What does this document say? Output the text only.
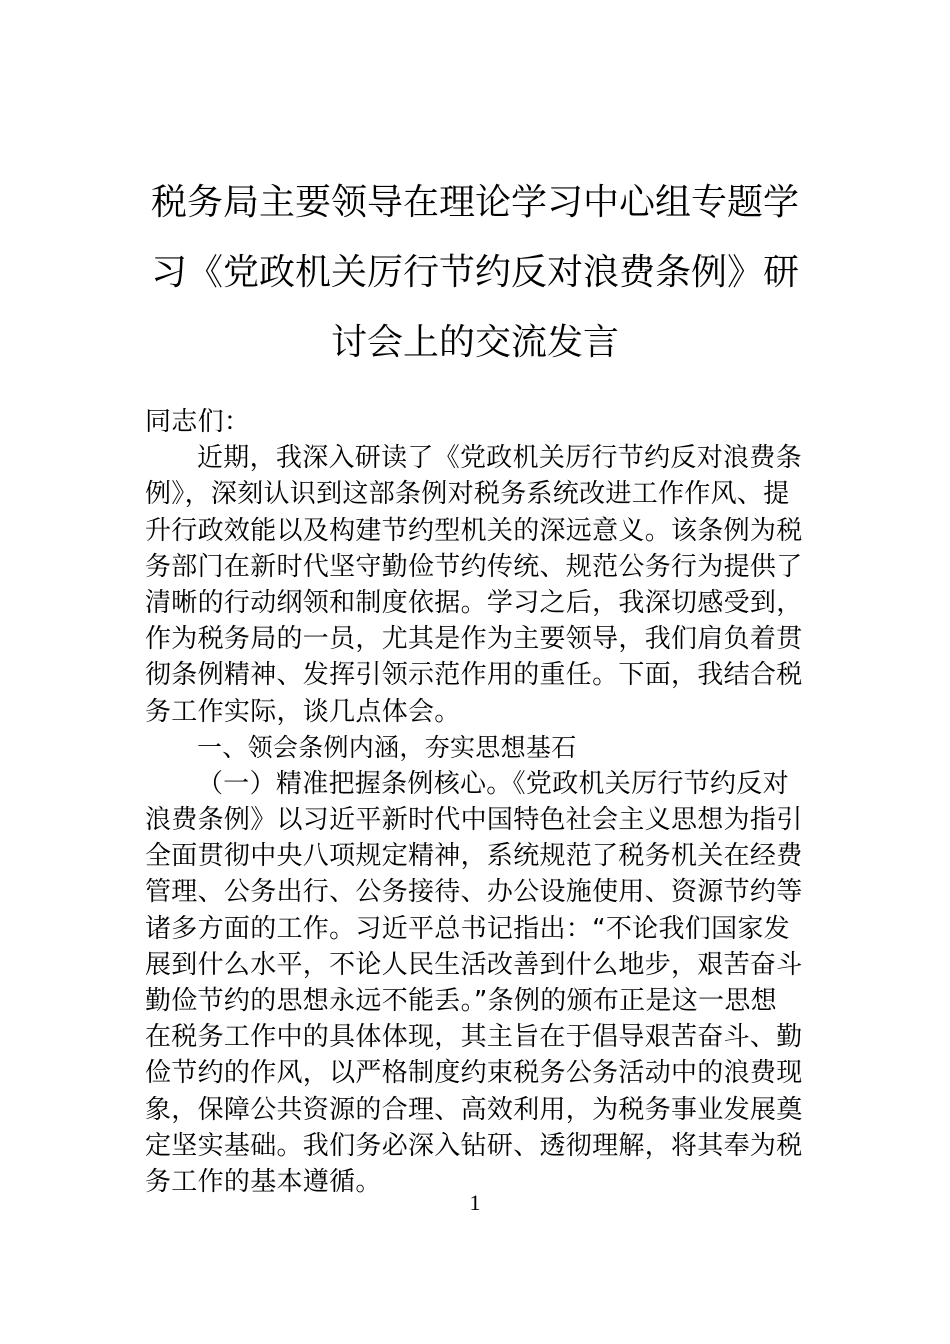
税务局主要领导在理论学习中心组专题学
习《党政机关厉行节约反对浪费条例》研
讨会上的交流发言
同志们：
近期，我深入研读了《党政机关厉行节约反对浪费条
例》，深刻认识到这部条例对税务系统改进工作作风、提
升行政效能以及构建节约型机关的深远意义。该条例为税
务部门在新时代坚守勤俭节约传统、规范公务行为提供了
清晰的行动纲领和制度依据。学习之后，我深切感受到，
作为税务局的一员，尤其是作为主要领导，我们肩负着贯
彻条例精神、发挥引领示范作用的重任。下面，我结合税
务工作实际，谈几点体会。
一、领会条例内涵，夯实思想基石
（一）精准把握条例核心。《党政机关厉行节约反对
浪费条例》以习近平新时代中国特色社会主义思想为指引
全面贯彻中央八项规定精神，系统规范了税务机关在经费
管理、公务出行、公务接待、办公设施使用、资源节约等
诸多方面的工作。习近平总书记指出：“不论我们国家发
展到什么水平，不论人民生活改善到什么地步，艰苦奋斗
勤俭节约的思想永远不能丢。”条例的颁布正是这一思想
在税务工作中的具体体现，其主旨在于倡导艰苦奋斗、勤
俭节约的作风，以严格制度约束税务公务活动中的浪费现
象，保障公共资源的合理、高效利用，为税务事业发展奠
定坚实基础。我们务必深入钻研、透彻理解，将其奉为税
务工作的基本遵循。
1
